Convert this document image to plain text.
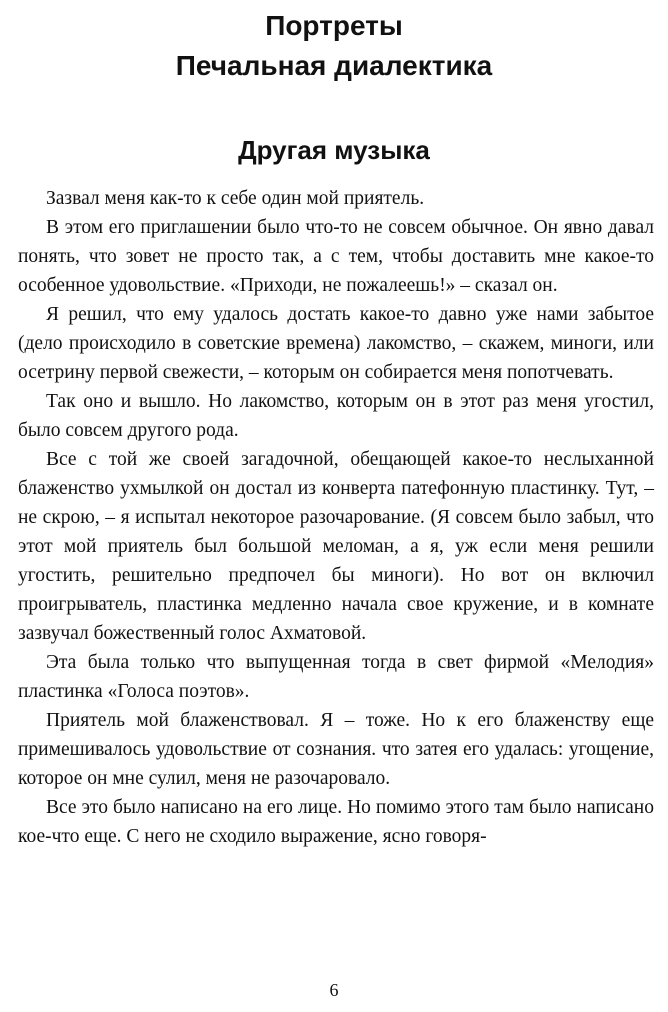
Портреты
Печальная диалектика
Другая музыка

Зазвал меня как-то к себе один мой приятель.

В этом его приглашении было что-то не совсем обычное. Он явно давал понять, что зовет не просто так, а с тем, чтобы доставить мне какое-то особенное удовольствие. «Приходи, не пожалеешь!» – сказал он.

Я решил, что ему удалось достать какое-то давно уже нами забытое (дело происходило в советские времена) лакомство, – скажем, миноги, или осетрину первой свежести, – которым он собирается меня попотчевать.

Так оно и вышло. Но лакомство, которым он в этот раз меня угостил, было совсем другого рода.

Все с той же своей загадочной, обещающей какое-то неслыханной блаженство ухмылкой он достал из конверта патефонную пластинку. Тут, – не скрою, – я испытал некоторое разочарование. (Я совсем было забыл, что этот мой приятель был большой меломан, а я, уж если меня решили угостить, решительно предпочел бы миноги). Но вот он включил проигрыватель, пластинка медленно начала свое кружение, и в комнате зазвучал божественный голос Ахматовой.

Эта была только что выпущенная тогда в свет фирмой «Мелодия» пластинка «Голоса поэтов».

Приятель мой блаженствовал. Я – тоже. Но к его блаженству еще примешивалось удовольствие от сознания. что затея его удалась: угощение, которое он мне сулил, меня не разочаровало.

Все это было написано на его лице. Но помимо этого там было написано кое-что еще. С него не сходило выражение, ясно говоря-

6
